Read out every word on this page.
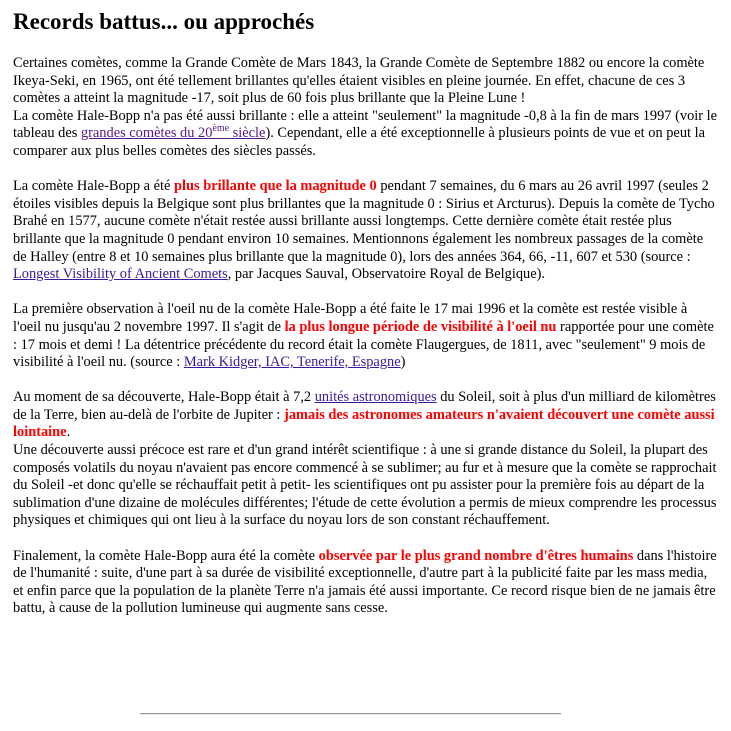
Records battus... ou approchés

Certaines comètes, comme la Grande Comète de Mars 1843, la Grande Comète de Septembre 1882 ou encore la comète Ikeya-Seki, en 1965, ont été tellement brillantes qu'elles étaient visibles en pleine journée. En effet, chacune de ces 3 comètes a atteint la magnitude -17, soit plus de 60 fois plus brillante que la Pleine Lune !
La comète Hale-Bopp n'a pas été aussi brillante : elle a atteint "seulement" la magnitude -0,8 à la fin de mars 1997 (voir le tableau des grandes comètes du 20ème siècle). Cependant, elle a été exceptionnelle à plusieurs points de vue et on peut la comparer aux plus belles comètes des siècles passés.

La comète Hale-Bopp a été plus brillante que la magnitude 0 pendant 7 semaines, du 6 mars au 26 avril 1997 (seules 2 étoiles visibles depuis la Belgique sont plus brillantes que la magnitude 0 : Sirius et Arcturus). Depuis la comète de Tycho Brahé en 1577, aucune comète n'était restée aussi brillante aussi longtemps. Cette dernière comète était restée plus brillante que la magnitude 0 pendant environ 10 semaines. Mentionnons également les nombreux passages de la comète de Halley (entre 8 et 10 semaines plus brillante que la magnitude 0), lors des années 364, 66, -11, 607 et 530 (source : Longest Visibility of Ancient Comets, par Jacques Sauval, Observatoire Royal de Belgique).

La première observation à l'oeil nu de la comète Hale-Bopp a été faite le 17 mai 1996 et la comète est restée visible à l'oeil nu jusqu'au 2 novembre 1997. Il s'agit de la plus longue période de visibilité à l'oeil nu rapportée pour une comète : 17 mois et demi ! La détentrice précédente du record était la comète Flaugergues, de 1811, avec "seulement" 9 mois de visibilité à l'oeil nu. (source : Mark Kidger, IAC, Tenerife, Espagne)

Au moment de sa découverte, Hale-Bopp était à 7,2 unités astronomiques du Soleil, soit à plus d'un milliard de kilomètres de la Terre, bien au-delà de l'orbite de Jupiter : jamais des astronomes amateurs n'avaient découvert une comète aussi lointaine.
Une découverte aussi précoce est rare et d'un grand intérêt scientifique : à une si grande distance du Soleil, la plupart des composés volatils du noyau n'avaient pas encore commencé à se sublimer; au fur et à mesure que la comète se rapprochait du Soleil -et donc qu'elle se réchauffait petit à petit- les scientifiques ont pu assister pour la première fois au départ de la sublimation d'une dizaine de molécules différentes; l'étude de cette évolution a permis de mieux comprendre les processus physiques et chimiques qui ont lieu à la surface du noyau lors de son constant réchauffement.

Finalement, la comète Hale-Bopp aura été la comète observée par le plus grand nombre d'êtres humains dans l'histoire de l'humanité : suite, d'une part à sa durée de visibilité exceptionnelle, d'autre part à la publicité faite par les mass media, et enfin parce que la population de la planète Terre n'a jamais été aussi importante. Ce record risque bien de ne jamais être battu, à cause de la pollution lumineuse qui augmente sans cesse.
